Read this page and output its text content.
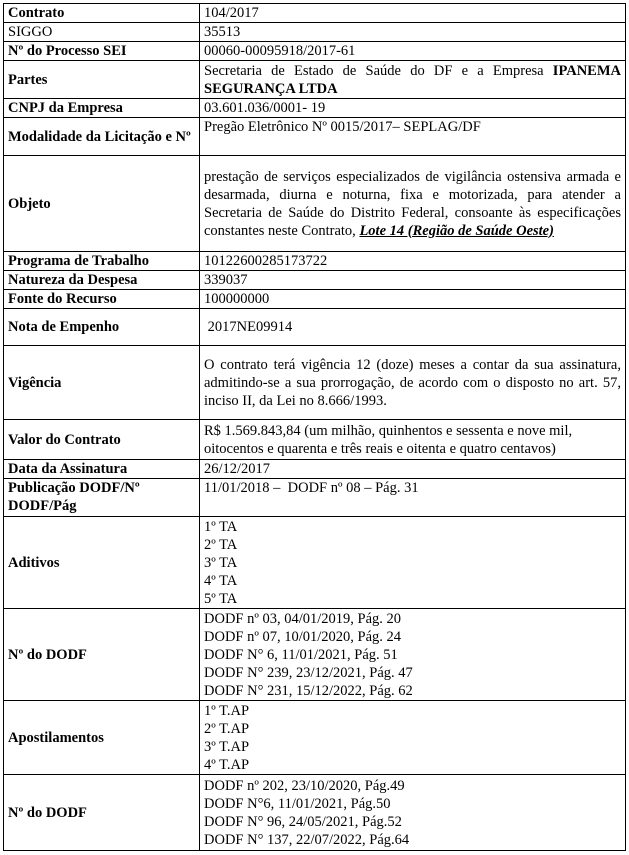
Contrato	104/2017
SIGGO	35513
Nº do Processo SEI	00060-00095918/2017-61
Partes	Secretaria de Estado de Saúde do DF e a Empresa IPANEMA SEGURANÇA LTDA
CNPJ da Empresa	03.601.036/0001- 19
Modalidade da Licitação e Nº	Pregão Eletrônico Nº 0015/2017– SEPLAG/DF
Objeto	prestação de serviços especializados de vigilância ostensiva armada e desarmada, diurna e noturna, fixa e motorizada, para atender a Secretaria de Saúde do Distrito Federal, consoante às especificações constantes neste Contrato, Lote 14 (Região de Saúde Oeste)
Programa de Trabalho	10122600285173722
Natureza da Despesa	339037
Fonte do Recurso	100000000
Nota de Empenho	2017NE09914
Vigência	O contrato terá vigência 12 (doze) meses a contar da sua assinatura, admitindo-se a sua prorrogação, de acordo com o disposto no art. 57, inciso II, da Lei no 8.666/1993.
Valor do Contrato	R$ 1.569.843,84 (um milhão, quinhentos e sessenta e nove mil, oitocentos e quarenta e três reais e oitenta e quatro centavos)
Data da Assinatura	26/12/2017
Publicação DODF/Nº DODF/Pág	11/01/2018 –  DODF nº 08 – Pág. 31
Aditivos	1º TA
2º TA
3º TA
4º TA
5º TA

Nº do DODF	DODF nº 03, 04/01/2019, Pág. 20
DODF nº 07, 10/01/2020, Pág. 24
DODF N° 6, 11/01/2021, Pág. 51
DODF N° 239, 23/12/2021, Pág. 47
DODF N° 231, 15/12/2022, Pág. 62

Apostilamentos	1º T.AP
2º T.AP
3º T.AP
4º T.AP

Nº do DODF	DODF nº 202, 23/10/2020, Pág.49
DODF N°6, 11/01/2021, Pág.50
DODF N° 96, 24/05/2021, Pág.52
DODF N° 137, 22/07/2022, Pág.64
